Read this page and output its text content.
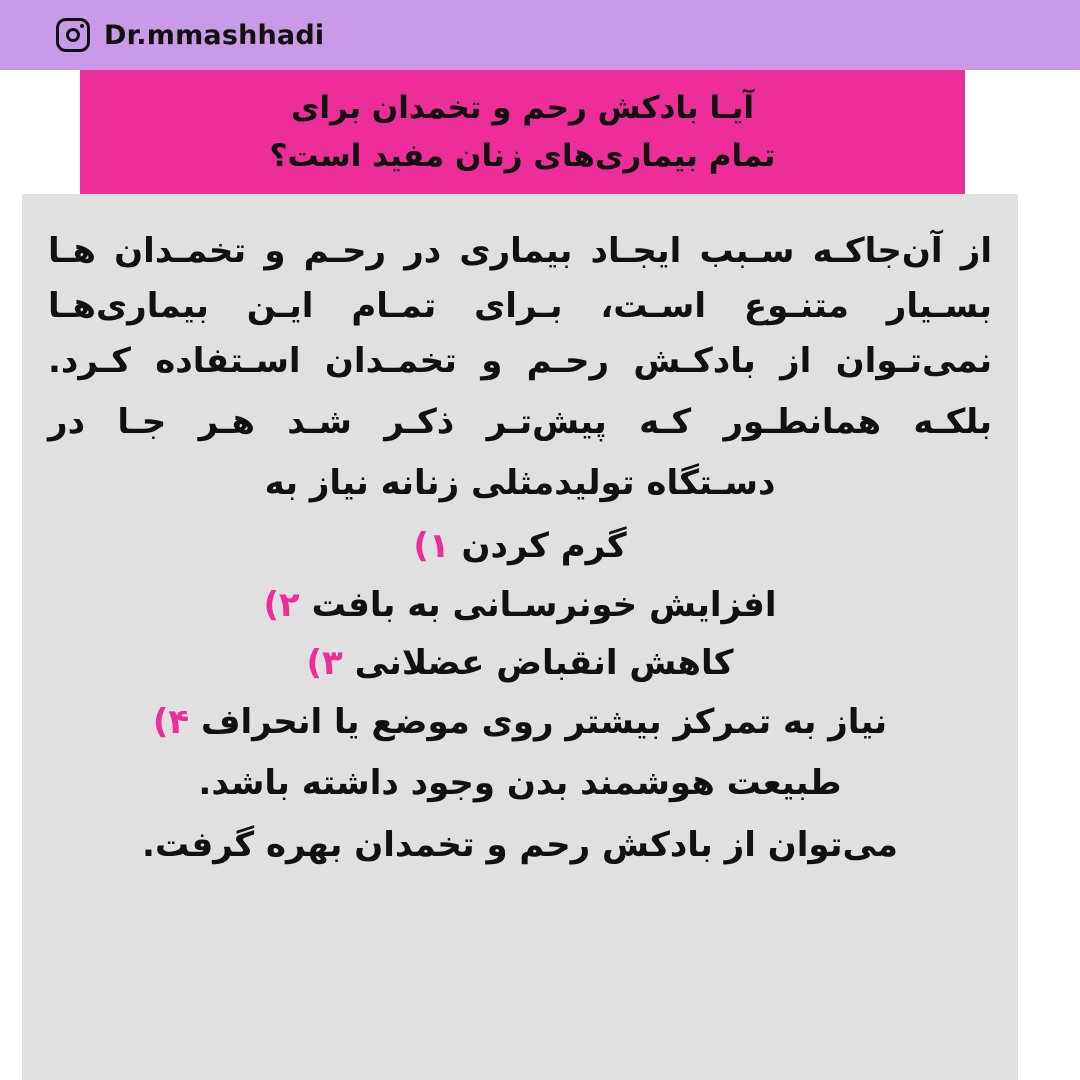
Dr.mmashhadi
آیـا بادکش رحم و تخمدان برای
تمام بیماری‌های زنان مفید است؟

از آن‌جاکـه سـبب ایجـاد بیماری در رحـم و تخمـدان هـا بسـیار متنـوع اسـت، بـرای تمـام ایـن بیماری‌هـا نمی‌تـوان از بادکـش رحـم و تخمـدان اسـتفاده کـرد.

بلکـه همانطـور کـه پیش‌تـر ذکـر شـد هـر جـا در

دسـتگاه تولیدمثلی زنانه نیاز به

گرم کردن ۱)
افزایش خونرسـانی به بافت ۲)
کاهش انقباض عضلانی ۳)
نیاز به تمرکز بیشتر روی موضع یا انحراف ۴)
طبیعت هوشمند بدن وجود داشته باشد.
می‌توان از بادکش رحم و تخمدان بهره گرفت.
